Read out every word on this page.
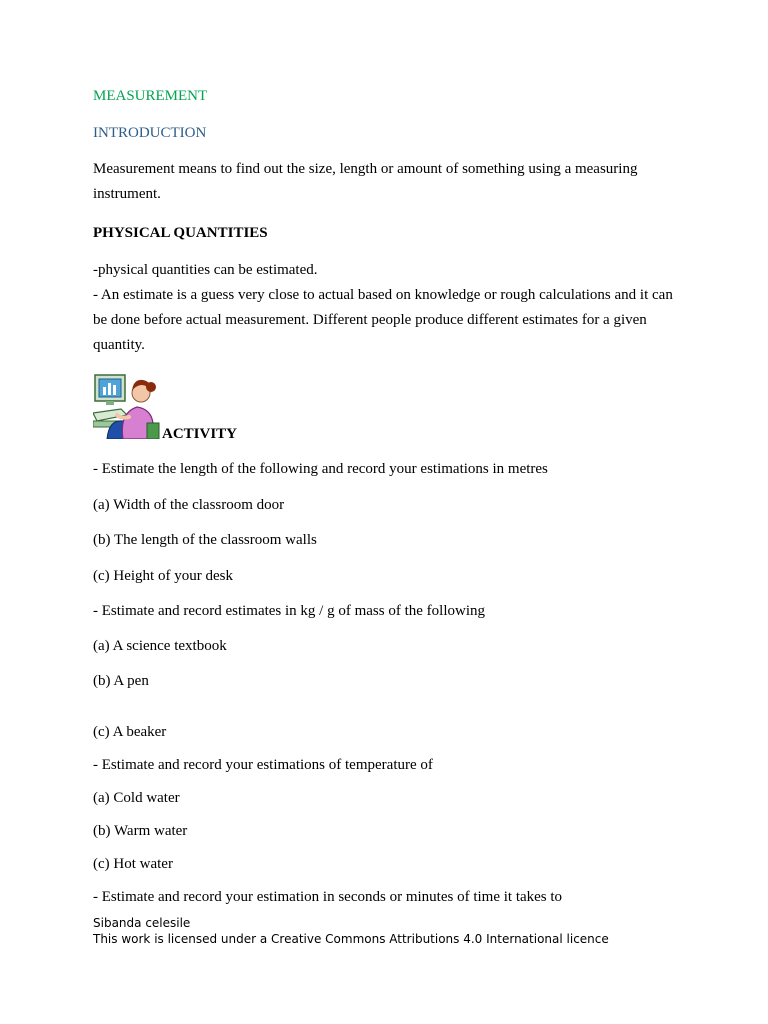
MEASUREMENT
INTRODUCTION
Measurement means to find out the size, length or amount of something using a measuring instrument.
PHYSICAL QUANTITIES
-physical quantities can be estimated.
- An estimate is a guess very close to actual based on knowledge or rough calculations and it can be done before actual measurement. Different people produce different estimates for a given quantity.
ACTIVITY
- Estimate the length of the following and record your estimations in metres
(a) Width of the classroom door
(b) The length of the classroom walls
(c) Height of your desk
- Estimate and record estimates in kg / g of mass of the following
(a) A science textbook
(b) A pen
(c) A beaker
- Estimate and record your estimations of temperature of
(a) Cold water
(b) Warm water
(c) Hot water
- Estimate and record your estimation in seconds or minutes of time it takes to
Sibanda celesile
This work is licensed under a Creative Commons Attributions 4.0 International licence
